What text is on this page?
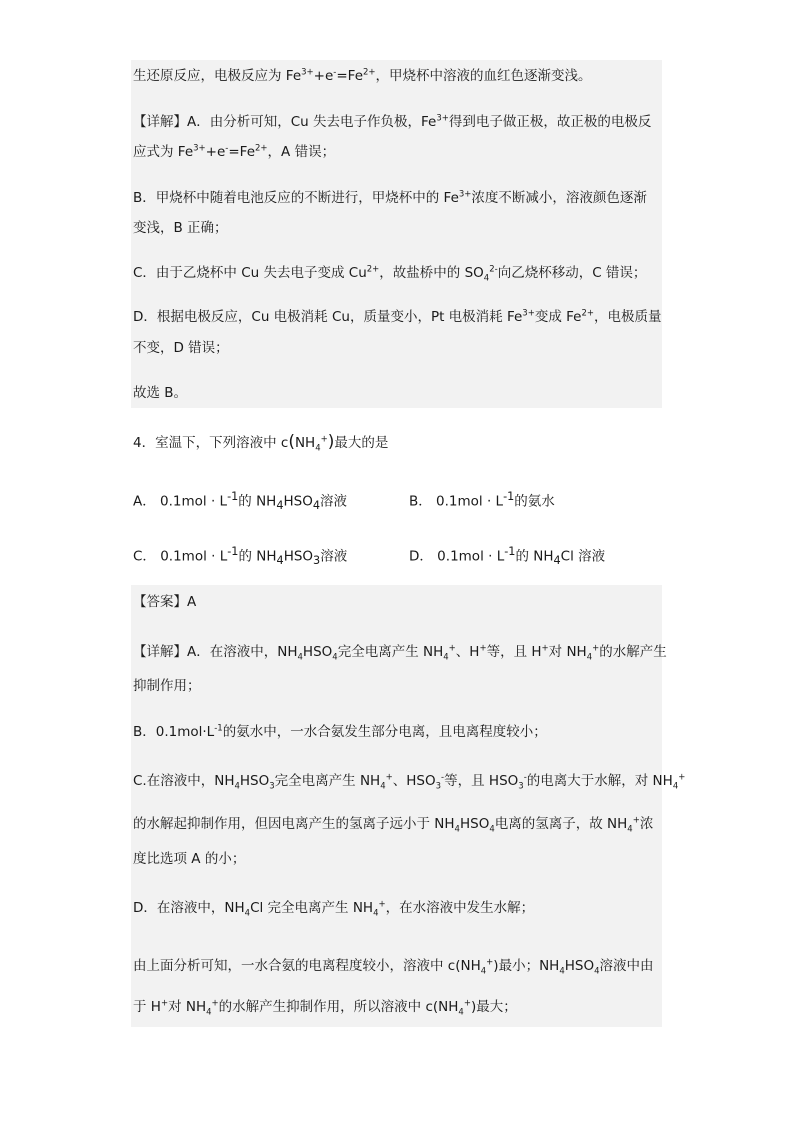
生还原反应，电极反应为 $Fe^{3+}+e^-=Fe^{2+}$，甲烧杯中溶液的血红色逐渐变浅。
【详解】A．由分析可知，Cu 失去电子作负极，$Fe^{3+}$得到电子做正极，故正极的电极反
应式为 $Fe^{3+}+e^-=Fe^{2+}$，A 错误；
B．甲烧杯中随着电池反应的不断进行，甲烧杯中的 $Fe^{3+}$浓度不断减小，溶液颜色逐渐
变浅，B 正确；
C．由于乙烧杯中 Cu 失去电子变成 $Cu^{2+}$，故盐桥中的 $SO_4^{2-}$向乙烧杯移动，C 错误；
D．根据电极反应，Cu 电极消耗 Cu，质量变小，Pt 电极消耗 $Fe^{3+}$变成 $Fe^{2+}$，电极质量
不变，D 错误；
故选 B。
4．室温下，下列溶液中 $c(NH_4^+)$最大的是
A． $0.1mol \cdot L^{-1}$的 $NH_4HSO_4$溶液	B． $0.1mol \cdot L^{-1}$的氨水
C． $0.1mol \cdot L^{-1}$的 $NH_4HSO_3$溶液	D． $0.1mol \cdot L^{-1}$的 $NH_4Cl$ 溶液
【答案】A
【详解】A．在溶液中，$NH_4HSO_4$完全电离产生 $NH_4^+$、H+等，且 H+对 $NH_4^+$的水解产生
抑制作用；
B．$0.1mol\cdot L^{-1}$的氨水中，一水合氨发生部分电离，且电离程度较小；
C.在溶液中，$NH_4HSO_3$完全电离产生 $NH_4^+$、$HSO_3^-$等，且 $HSO_3^-$的电离大于水解，对 $NH_4^+$
的水解起抑制作用，但因电离产生的氢离子远小于 $NH_4HSO_4$电离的氢离子，故 $NH_4^+$浓
度比选项 A 的小；
D．在溶液中，$NH_4Cl$ 完全电离产生 $NH_4^+$，在水溶液中发生水解；
由上面分析可知，一水合氨的电离程度较小，溶液中 $c(NH_4^+)$最小；$NH_4HSO_4$溶液中由
于 H+对 $NH_4^+$的水解产生抑制作用，所以溶液中 $c(NH_4^+)$最大；
